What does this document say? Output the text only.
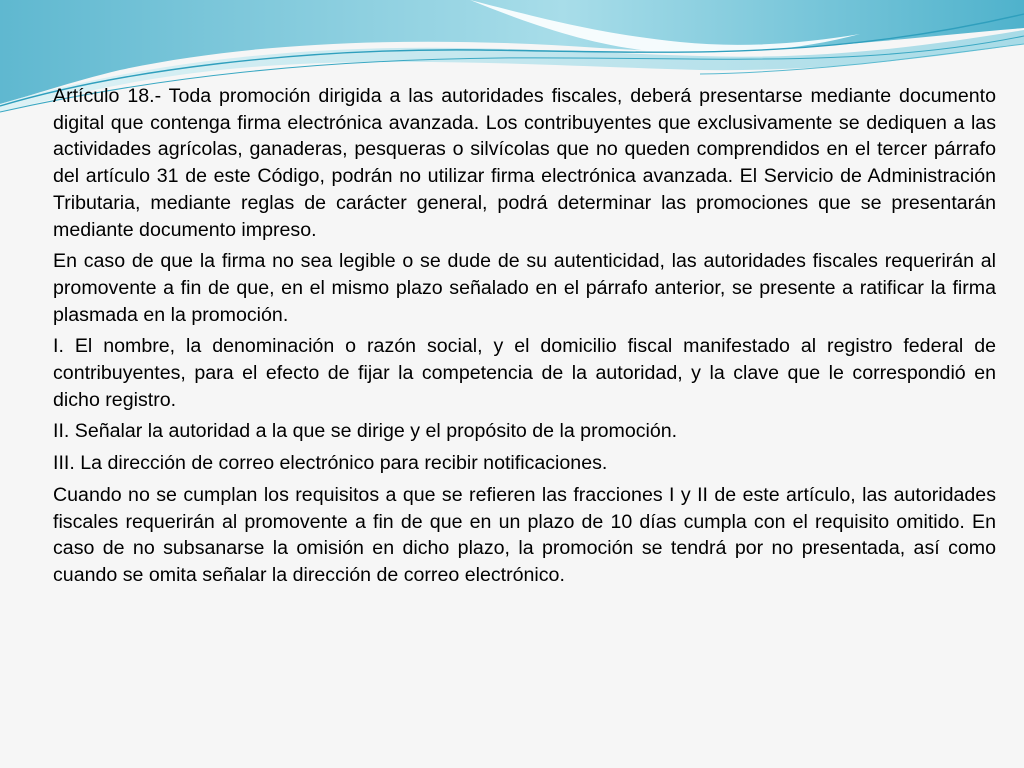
Artículo 18.- Toda promoción dirigida a las autoridades fiscales, deberá presentarse mediante documento digital que contenga firma electrónica avanzada. Los contribuyentes que exclusivamente se dediquen a las actividades agrícolas, ganaderas, pesqueras o silvícolas que no queden comprendidos en el tercer párrafo del artículo 31 de este Código, podrán no utilizar firma electrónica avanzada. El Servicio de Administración Tributaria, mediante reglas de carácter general, podrá determinar las promociones que se presentarán mediante documento impreso.

En caso de que la firma no sea legible o se dude de su autenticidad, las autoridades fiscales requerirán al promovente a fin de que, en el mismo plazo señalado en el párrafo anterior, se presente a ratificar la firma plasmada en la promoción.

I. El nombre, la denominación o razón social, y el domicilio fiscal manifestado al registro federal de contribuyentes, para el efecto de fijar la competencia de la autoridad, y la clave que le correspondió en dicho registro.

II. Señalar la autoridad a la que se dirige y el propósito de la promoción.

III. La dirección de correo electrónico para recibir notificaciones.

Cuando no se cumplan los requisitos a que se refieren las fracciones I y II de este artículo, las autoridades fiscales requerirán al promovente a fin de que en un plazo de 10 días cumpla con el requisito omitido. En caso de no subsanarse la omisión en dicho plazo, la promoción se tendrá por no presentada, así como cuando se omita señalar la dirección de correo electrónico.
